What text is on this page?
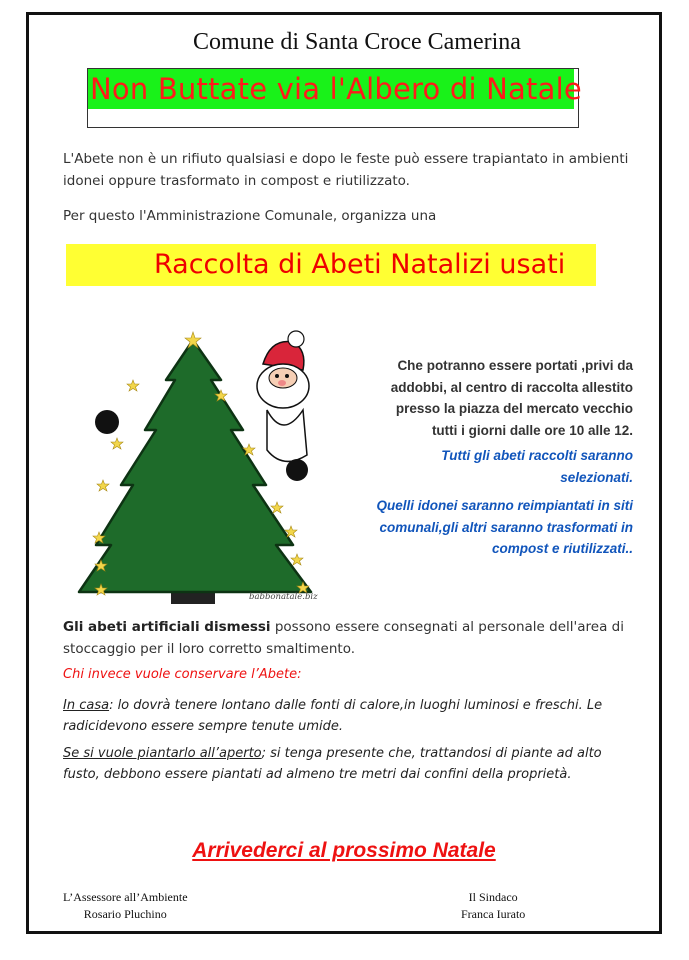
Comune di Santa Croce Camerina
Non Buttate via l'Albero di Natale
L'Abete non è un rifiuto qualsiasi e dopo le feste può essere trapiantato in ambienti idonei oppure trasformato in compost e riutilizzato.
Per questo l'Amministrazione Comunale, organizza una
Raccolta di Abeti Natalizi usati
babbonatale.biz
Che potranno essere portati ,privi da
addobbi, al centro di raccolta allestito
presso la piazza del mercato vecchio
tutti i giorni dalle ore 10 alle 12.
Tutti gli abeti raccolti saranno
selezionati.
Quelli idonei saranno reimpiantati in siti
comunali,gli altri saranno trasformati in
compost e riutilizzati..
Gli abeti artificiali dismessi possono essere consegnati al personale dell'area di stoccaggio per il loro corretto smaltimento.
Chi invece vuole conservare l’Abete:
In casa: lo dovrà tenere lontano dalle fonti di calore,in luoghi luminosi e freschi. Le radicidevono essere sempre tenute umide.
Se si vuole piantarlo all’aperto; si tenga presente che, trattandosi di piante ad alto fusto, debbono essere piantati ad almeno tre metri dai confini della proprietà.
Arrivederci al prossimo Natale
L’Assessore all’Ambiente
Rosario Pluchino
Il Sindaco
Franca Iurato
